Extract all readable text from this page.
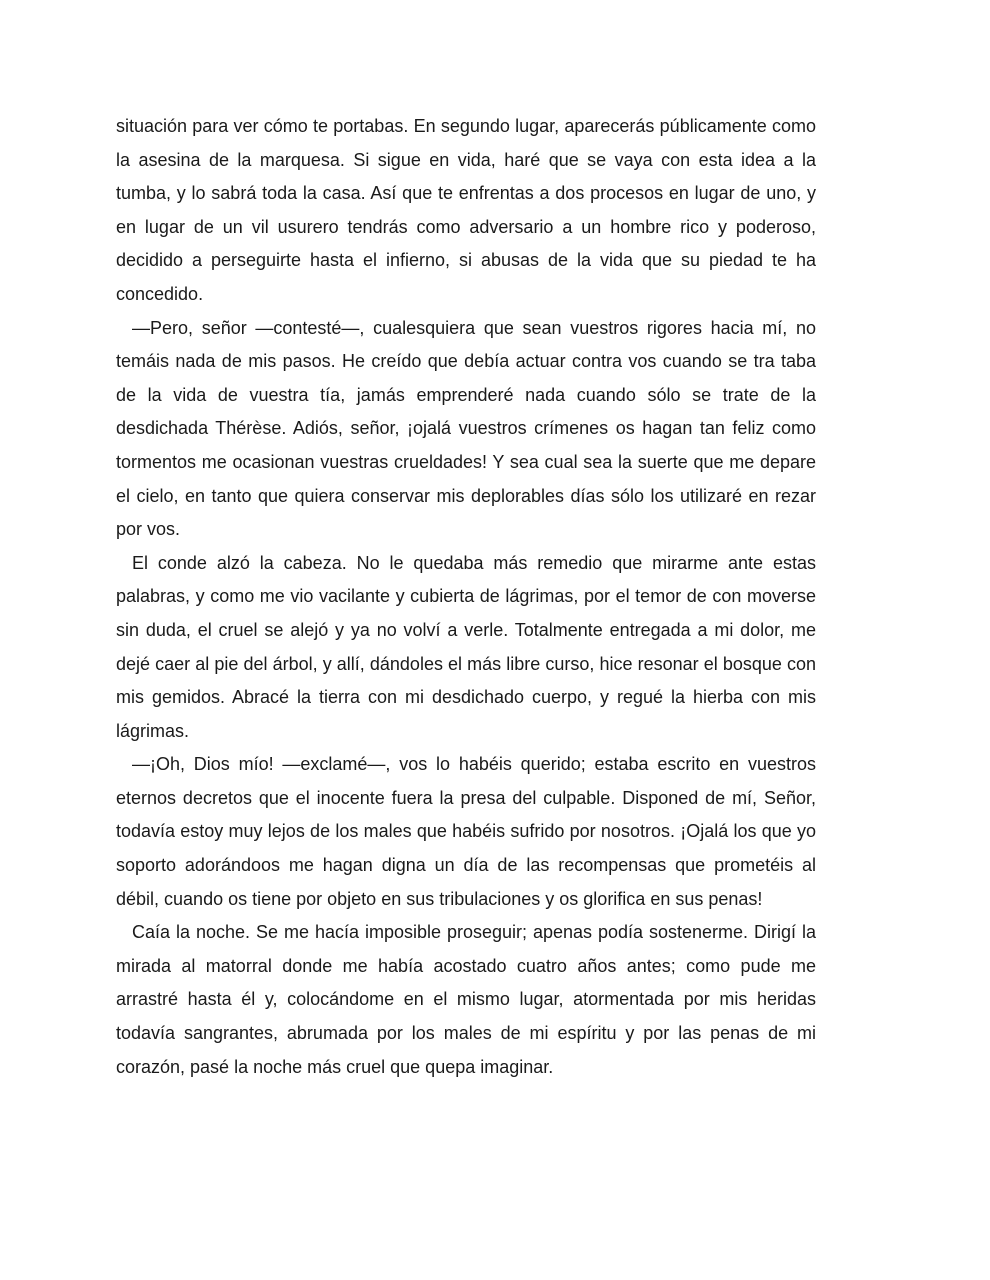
situación para ver cómo te portabas. En segundo lugar, aparecerás públicamente como la asesina de la marquesa. Si sigue en vida, haré que se vaya con esta idea a la tumba, y lo sabrá toda la casa. Así que te enfrentas a dos procesos en lugar de uno, y en lugar de un vil usurero tendrás como adversario a un hombre rico y poderoso, decidido a perseguirte hasta el infierno, si abusas de la vida que su piedad te ha concedido.

—Pero, señor —contesté—, cualesquiera que sean vuestros rigores hacia mí, no temáis nada de mis pasos. He creído que debía actuar contra vos cuando se tra taba de la vida de vuestra tía, jamás emprenderé nada cuando sólo se trate de la desdichada Thérèse. Adiós, señor, ¡ojalá vuestros crímenes os hagan tan feliz como tormentos me ocasionan vuestras crueldades! Y sea cual sea la suerte que me depare el cielo, en tanto que quiera conservar mis deplorables días sólo los utilizaré en rezar por vos.

El conde alzó la cabeza. No le quedaba más remedio que mirarme ante estas palabras, y como me vio vacilante y cubierta de lágrimas, por el temor de con moverse sin duda, el cruel se alejó y ya no volví a verle. Totalmente entregada a mi dolor, me dejé caer al pie del árbol, y allí, dándoles el más libre curso, hice resonar el bosque con mis gemidos. Abracé la tierra con mi desdichado cuerpo, y regué la hierba con mis lágrimas.

—¡Oh, Dios mío! —exclamé—, vos lo habéis querido; estaba escrito en vuestros eternos decretos que el inocente fuera la presa del culpable. Disponed de mí, Señor, todavía estoy muy lejos de los males que habéis sufrido por nosotros. ¡Ojalá los que yo soporto adorándoos me hagan digna un día de las recompensas que prometéis al débil, cuando os tiene por objeto en sus tribulaciones y os glorifica en sus penas!

Caía la noche. Se me hacía imposible proseguir; apenas podía sostenerme. Dirigí la mirada al matorral donde me había acostado cuatro años antes; como pude me arrastré hasta él y, colocándome en el mismo lugar, atormentada por mis heridas todavía sangrantes, abrumada por los males de mi espíritu y por las penas de mi corazón, pasé la noche más cruel que quepa imaginar.
